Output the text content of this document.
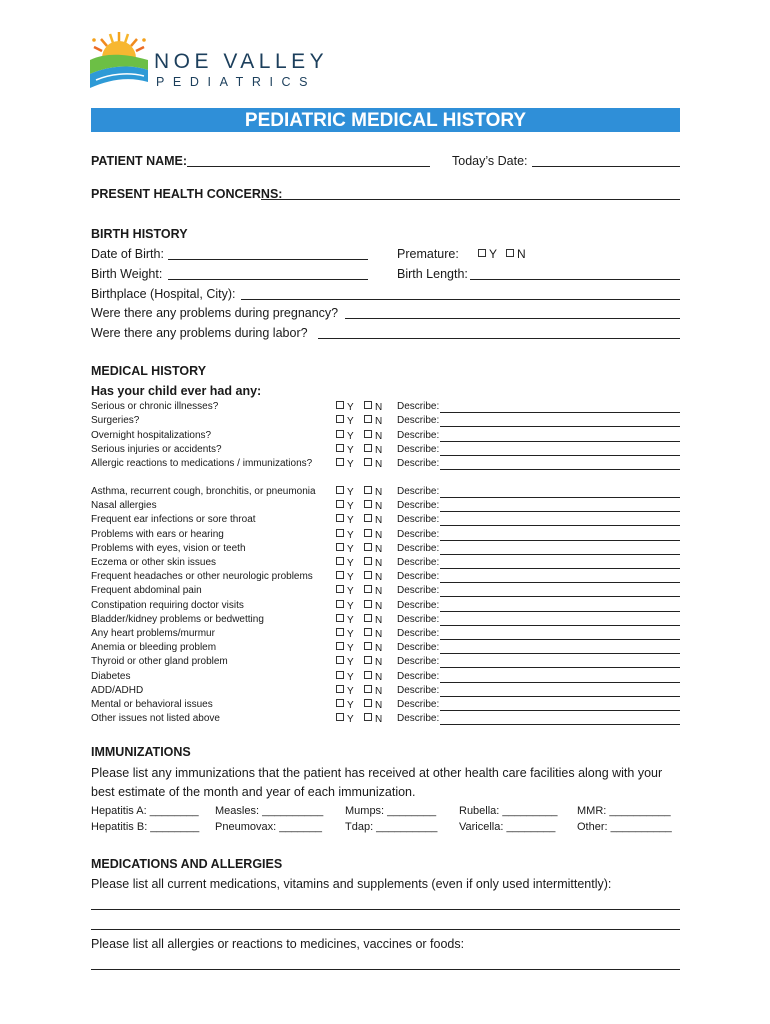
NOE VALLEY
PEDIATRICS
PEDIATRIC MEDICAL HISTORY
PATIENT NAME:	Today’s Date:
PRESENT HEALTH CONCERNS:
BIRTH HISTORY
Date of Birth:	Premature:	Y	N
Birth Weight:	Birth Length:
Birthplace (Hospital, City):
Were there any problems during pregnancy?
Were there any problems during labor?
MEDICAL HISTORY
Has your child ever had any:
Serious or chronic illnesses?	Y	N Describe:
Surgeries?	Y	N Describe:
Overnight hospitalizations?	Y	N Describe:
Serious injuries or accidents?	Y	N Describe:
Allergic reactions to medications / immunizations?	Y	N Describe:
Asthma, recurrent cough, bronchitis, or pneumonia	Y	N Describe:
Nasal allergies	Y	N Describe:
Frequent ear infections or sore throat	Y	N Describe:
Problems with ears or hearing	Y	N Describe:
Problems with eyes, vision or teeth	Y	N Describe:
Eczema or other skin issues	Y	N Describe:
Frequent headaches or other neurologic problems	Y	N Describe:
Frequent abdominal pain	Y	N Describe:
Constipation requiring doctor visits	Y	N Describe:
Bladder/kidney problems or bedwetting	Y	N Describe:
Any heart problems/murmur	Y	N Describe:
Anemia or bleeding problem	Y	N Describe:
Thyroid or other gland problem	Y	N Describe:
Diabetes	Y	N Describe:
ADD/ADHD	Y	N Describe:
Mental or behavioral issues	Y	N Describe:
Other issues not listed above	Y	N Describe:
IMMUNIZATIONS
Please list any immunizations that the patient has received at other health care facilities along with your
best estimate of the month and year of each immunization.
Hepatitis A: ________ Measles: __________ Mumps: ________ Rubella: _________ MMR: __________
Hepatitis B: ________ Pneumovax: _______ Tdap: __________ Varicella: ________ Other: __________
MEDICATIONS AND ALLERGIES
Please list all current medications, vitamins and supplements (even if only used intermittently):
Please list all allergies or reactions to medicines, vaccines or foods:
